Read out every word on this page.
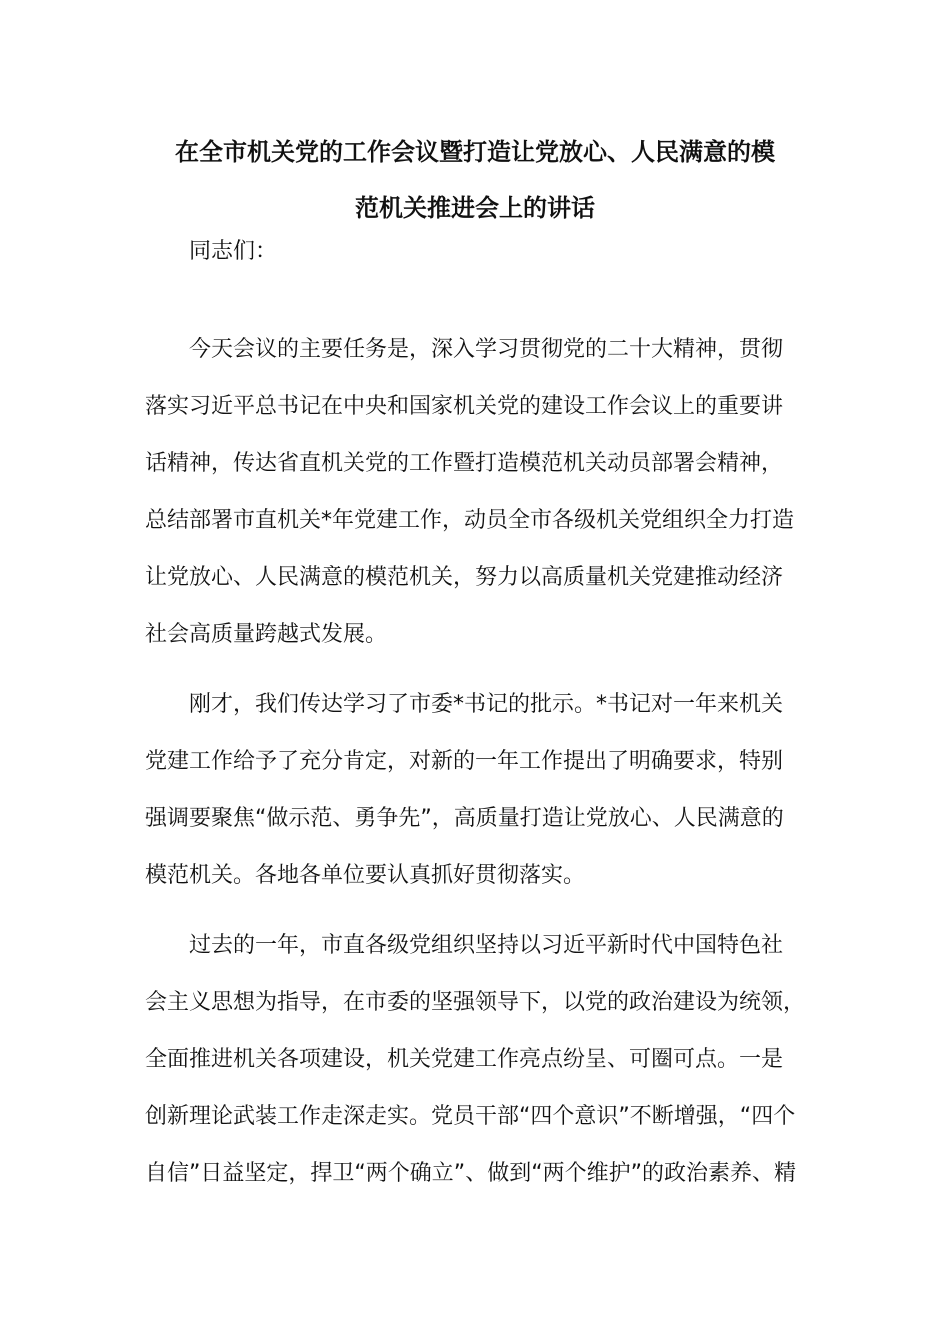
在全市机关党的工作会议暨打造让党放心、人民满意的模
范机关推进会上的讲话
同志们：
今天会议的主要任务是，深入学习贯彻党的二十大精神，贯彻
落实习近平总书记在中央和国家机关党的建设工作会议上的重要讲
话精神，传达省直机关党的工作暨打造模范机关动员部署会精神，
总结部署市直机关*年党建工作，动员全市各级机关党组织全力打造
让党放心、人民满意的模范机关，努力以高质量机关党建推动经济
社会高质量跨越式发展。
刚才，我们传达学习了市委*书记的批示。*书记对一年来机关
党建工作给予了充分肯定，对新的一年工作提出了明确要求，特别
强调要聚焦“做示范、勇争先”，高质量打造让党放心、人民满意的
模范机关。各地各单位要认真抓好贯彻落实。
过去的一年，市直各级党组织坚持以习近平新时代中国特色社
会主义思想为指导，在市委的坚强领导下，以党的政治建设为统领，
全面推进机关各项建设，机关党建工作亮点纷呈、可圈可点。一是
创新理论武装工作走深走实。党员干部“四个意识”不断增强，“四个
自信”日益坚定，捍卫“两个确立”、做到“两个维护”的政治素养、精
